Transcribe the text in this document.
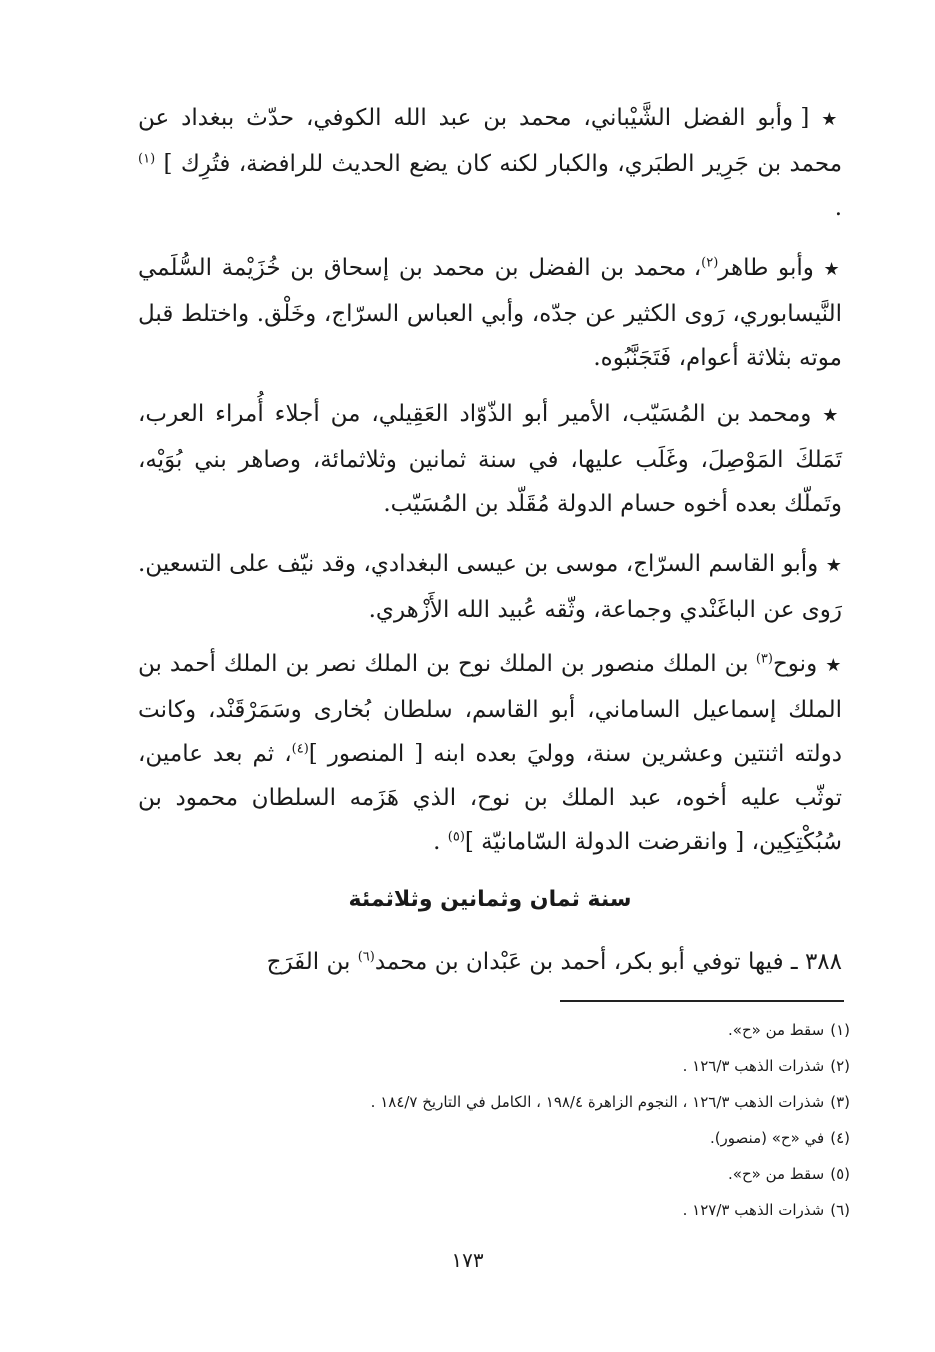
★ [ وأبو الفضل الشَّيْباني، محمد بن عبد الله الكوفي، حدّث ببغداد عن محمد بن جَرِير الطبَري، والكبار لكنه كان يضع الحديث للرافضة، فتُرِك ] $^{(١)}$ .

★ وأبو طاهر$^{(٢)}$، محمد بن الفضل بن محمد بن إسحاق بن خُزَيْمة السُّلَمي النَّيسابوري، رَوى الكثير عن جدّه، وأبي العباس السرّاج، وخَلْق. واختلط قبل موته بثلاثة أعوام، فَتَجَنَّبُوه.

★ ومحمد بن المُسَيّب، الأمير أبو الذّوّاد العَقِيلي، من أجلاء أُمراء العرب، تَمَلكَ المَوْصِلَ، وغَلَب عليها، في سنة ثمانين وثلاثمائة، وصاهر بني بُوَيْه، وتَملّك بعده أخوه حسام الدولة مُقَلّد بن المُسَيّب.

★ وأبو القاسم السرّاج، موسى بن عيسى البغدادي، وقد نيّف على التسعين. رَوى عن الباغَنْدي وجماعة، وثّقه عُبيد الله الأَزْهري.

★ ونوح$^{(٣)}$ بن الملك منصور بن الملك نوح بن الملك نصر بن الملك أحمد بن الملك إسماعيل الساماني، أبو القاسم، سلطان بُخارى وسَمَرْقَنْد، وكانت دولته اثنتين وعشرين سنة، ووليَ بعده ابنه [ المنصور ]$^{(٤)}$، ثم بعد عامين، توثّب عليه أخوه، عبد الملك بن نوح، الذي هَزَمه السلطان محمود بن سُبُكْتِكِين، [ وانقرضت الدولة السّامانيّة ]$^{(٥)}$ .

سنة ثمان وثمانين وثلاثمئة

٣٨٨ ـ فيها توفي أبو بكر، أحمد بن عَبْدان بن محمد$^{(٦)}$ بن الفَرَج

(١)سقط من «ح».
(٢)شذرات الذهب ١٢٦/٣ .
(٣)شذرات الذهب ١٢٦/٣ ، النجوم الزاهرة ١٩٨/٤ ، الكامل في التاريخ ١٨٤/٧ .
(٤)في «ح» (منصور).
(٥)سقط من «ح».
(٦)شذرات الذهب ١٢٧/٣ .
١٧٣
